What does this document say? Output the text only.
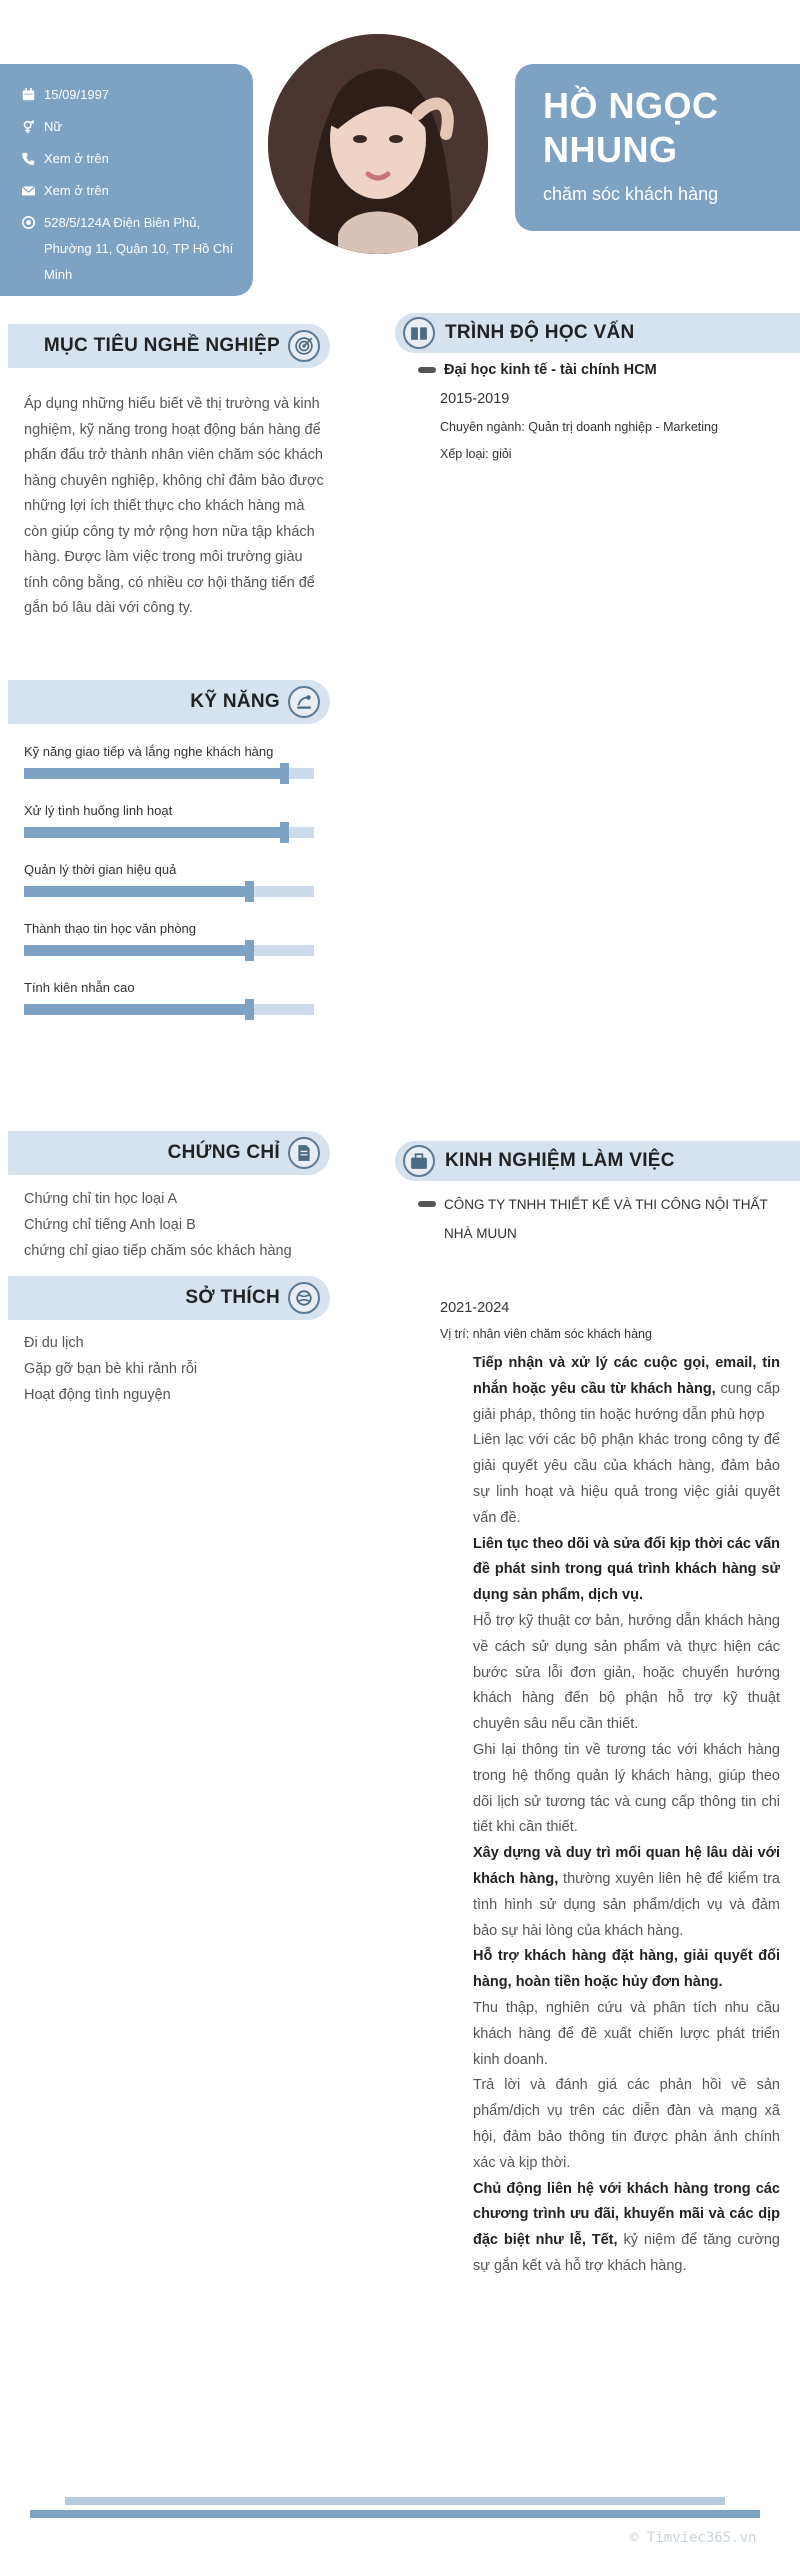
15/09/1997
Nữ
Xem ở trên
Xem ở trên
528/5/124A Điện Biên Phủ, Phường 11, Quận 10, TP Hồ Chí Minh
HỒ NGỌC NHUNG
chăm sóc khách hàng
MỤC TIÊU NGHỀ NGHIỆP
Áp dụng những hiểu biết về thị trường và kinh nghiệm, kỹ năng trong hoạt động bán hàng để phấn đấu trở thành nhân viên chăm sóc khách hàng chuyên nghiệp, không chỉ đảm bảo được những lợi ích thiết thực cho khách hàng mà còn giúp công ty mở rộng hơn nữa tập khách hàng. Được làm việc trong môi trường giàu tính công bằng, có nhiều cơ hội thăng tiến để gắn bó lâu dài với công ty.
KỸ NĂNG
Kỹ năng giao tiếp và lắng nghe khách hàng
Xử lý tình huống linh hoạt
Quản lý thời gian hiệu quả
Thành thạo tin học văn phòng
Tính kiên nhẫn cao
CHỨNG CHỈ
Chứng chỉ tin học loại A
Chứng chỉ tiếng Anh loại B
chứng chỉ giao tiếp chăm sóc khách hàng
SỞ THÍCH
Đi du lịch
Gặp gỡ bạn bè khi rảnh rỗi
Hoạt động tình nguyện
TRÌNH ĐỘ HỌC VẤN
Đại học kinh tế - tài chính HCM
2015-2019
Chuyên ngành: Quản trị doanh nghiệp - Marketing
Xếp loại: giỏi
KINH NGHIỆM LÀM VIỆC
CÔNG TY TNHH THIẾT KẾ VÀ THI CÔNG NỘI THẤT NHÀ MUUN
2021-2024
Vị trí: nhân viên chăm sóc khách hàng
Tiếp nhận và xử lý các cuộc gọi, email, tin nhắn hoặc yêu cầu từ khách hàng, cung cấp giải pháp, thông tin hoặc hướng dẫn phù hợp
Liên lạc với các bộ phận khác trong công ty để giải quyết yêu cầu của khách hàng, đảm bảo sự linh hoạt và hiệu quả trong việc giải quyết vấn đề.
Liên tục theo dõi và sửa đổi kịp thời các vấn đề phát sinh trong quá trình khách hàng sử dụng sản phẩm, dịch vụ.
Hỗ trợ kỹ thuật cơ bản, hướng dẫn khách hàng về cách sử dụng sản phẩm và thực hiện các bước sửa lỗi đơn giản, hoặc chuyển hướng khách hàng đến bộ phận hỗ trợ kỹ thuật chuyên sâu nếu cần thiết.
Ghi lại thông tin về tương tác với khách hàng trong hệ thống quản lý khách hàng, giúp theo dõi lịch sử tương tác và cung cấp thông tin chi tiết khi cần thiết.
Xây dựng và duy trì mối quan hệ lâu dài với khách hàng, thường xuyên liên hệ để kiểm tra tình hình sử dụng sản phẩm/dịch vụ và đảm bảo sự hài lòng của khách hàng.
Hỗ trợ khách hàng đặt hàng, giải quyết đổi hàng, hoàn tiền hoặc hủy đơn hàng.
Thu thập, nghiên cứu và phân tích nhu cầu khách hàng để đề xuất chiến lược phát triển kinh doanh.
Trả lời và đánh giá các phản hồi về sản phẩm/dịch vụ trên các diễn đàn và mạng xã hội, đảm bảo thông tin được phản ánh chính xác và kịp thời.
Chủ động liên hệ với khách hàng trong các chương trình ưu đãi, khuyến mãi và các dịp đặc biệt như lễ, Tết, kỷ niệm để tăng cường sự gắn kết và hỗ trợ khách hàng.
© Timviec365.vn
